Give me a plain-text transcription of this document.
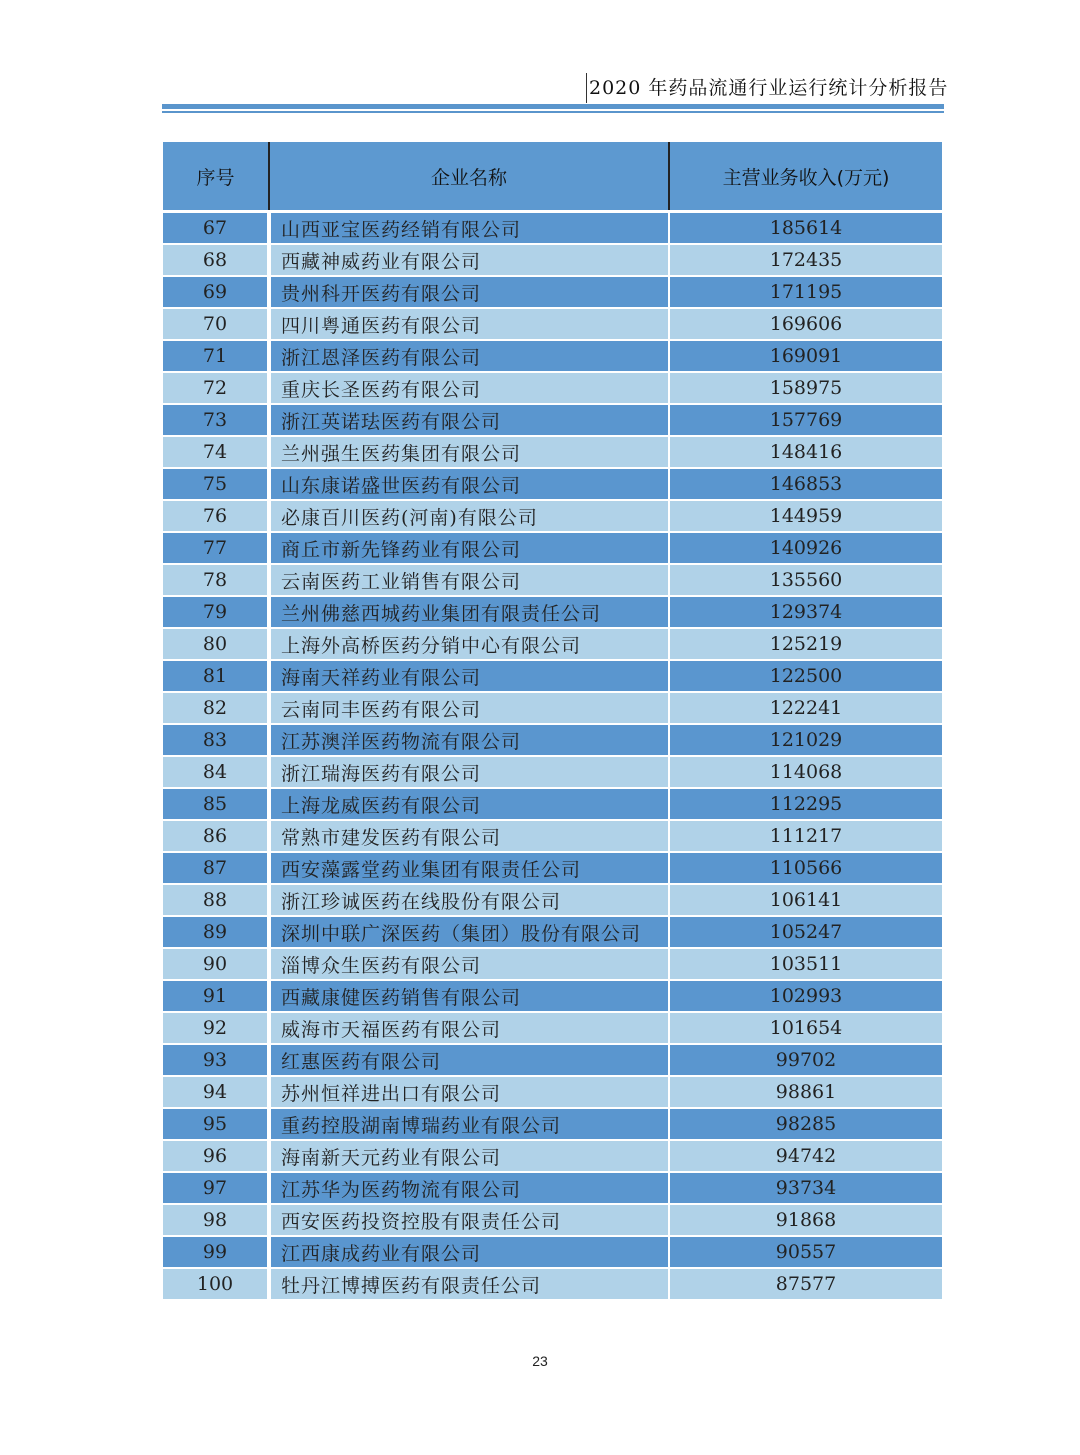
2020 年药品流通行业运行统计分析报告
序号	企业名称	主营业务收入(万元)
67	山西亚宝医药经销有限公司	185614
68	西藏神威药业有限公司	172435
69	贵州科开医药有限公司	171195
70	四川粤通医药有限公司	169606
71	浙江恩泽医药有限公司	169091
72	重庆长圣医药有限公司	158975
73	浙江英诺珐医药有限公司	157769
74	兰州强生医药集团有限公司	148416
75	山东康诺盛世医药有限公司	146853
76	必康百川医药(河南)有限公司	144959
77	商丘市新先锋药业有限公司	140926
78	云南医药工业销售有限公司	135560
79	兰州佛慈西城药业集团有限责任公司	129374
80	上海外高桥医药分销中心有限公司	125219
81	海南天祥药业有限公司	122500
82	云南同丰医药有限公司	122241
83	江苏澳洋医药物流有限公司	121029
84	浙江瑞海医药有限公司	114068
85	上海龙威医药有限公司	112295
86	常熟市建发医药有限公司	111217
87	西安藻露堂药业集团有限责任公司	110566
88	浙江珍诚医药在线股份有限公司	106141
89	深圳中联广深医药（集团）股份有限公司	105247
90	淄博众生医药有限公司	103511
91	西藏康健医药销售有限公司	102993
92	威海市天福医药有限公司	101654
93	红惠医药有限公司	99702
94	苏州恒祥进出口有限公司	98861
95	重药控股湖南博瑞药业有限公司	98285
96	海南新天元药业有限公司	94742
97	江苏华为医药物流有限公司	93734
98	西安医药投资控股有限责任公司	91868
99	江西康成药业有限公司	90557
100	牡丹江博搏医药有限责任公司	87577
23
